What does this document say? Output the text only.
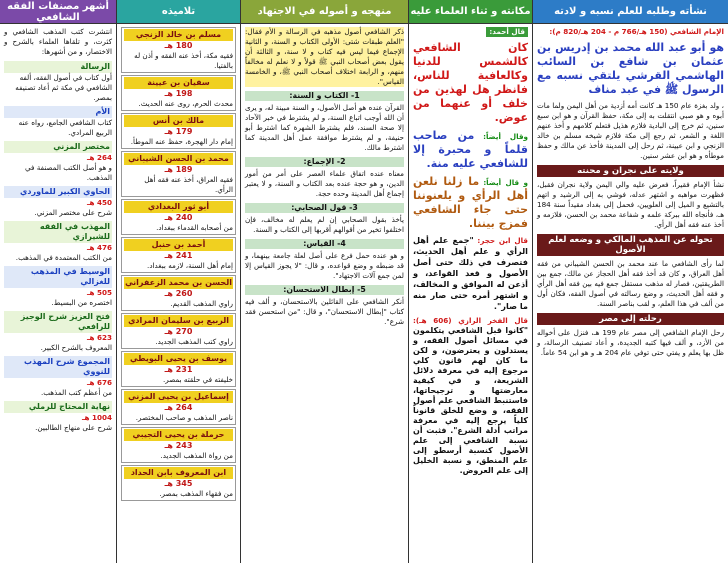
نشأته وطلبه للعلم نسبه و لادته
الإمام الشافعي (150 هـ/766 م - 204 هـ/820 م):
هو أبو عبد الله محمد بن إدريس بن عثمان بن شافع بن السائب الهاشمي القرشي يلتقي نسبه مع الرسول ﷺ في عبد مناف
، ولد بغزة عام 150 هـ كانت أمه أزدية من أهل اليمن ولما مات أبوه و هو صبي انتقلت به إلى مكة، حفظ القرآن و هو ابن سبع سنين، ثم خرج إلى البادية فلازم هذيل فتعلم كلامهم و أخذ عنهم اللغة و الشعر، ثم رجع إلى مكة فلازم شيخه مسلم بن خالد الزنجي و ابن عيينة، ثم رحل إلى المدينة فأخذ عن مالك و حفظ موطأه و هو ابن عشر سنين.
ولايته على نجران و محنته
نشأ الإمام فقيراً، فعرض عليه والي اليمن ولاية نجران فقبل، فظهرت مواهبه و اشتهر عدله، فوشي به إلى الرشيد و اتهم بالتشيع و الميل إلى العلويين، فحمل إلى بغداد مقيداً سنة 184 هـ، فأنجاه الله ببركة علمه و شفاعة محمد بن الحسن، فلازمه و أخذ عنه فقه أهل الرأي.
تحوله عن المذهب المالكي و وضعه لعلم الأصول
لما رأى الشافعي ما عند محمد بن الحسن الشيباني من فقه أهل العراق، و كان قد أخذ فقه أهل الحجاز عن مالك، جمع بين الطريقتين، فصار له مذهب مستقل جمع فيه بين فقه أهل الرأي و فقه أهل الحديث، و وضع رسالته في أصول الفقه، فكان أول من ألف في هذا العلم، و لقب بناصر السنة.
رحلته إلى مصر
رحل الإمام الشافعي إلى مصر عام 199 هـ، فنزل على أخواله من الأزد، و ألف فيها كتبه الجديدة، و أعاد تصنيف الرسالة، و ظل بها يعلم و يفتي حتى توفي عام 204 هـ و هو ابن 54 عاماً.
مكانته و ثناء العلماء عليه
قال أحمد:
كان الشافعي كالشمس للدنيا وكالعافية للناس، فانظر هل لهذين من خلف أو عنهما من عوض.
وقال أيضاً: من صاحب قلماً و محبرة إلا للشافعي عليه منة.
و قال أيضاً: ما زلنا نلعن أهل الرأي و يلعنوننا حتى جاء الشافعي فمزج بيننا.
قال ابن حجر: "جمع علم أهل الرأي و علم أهل الحديث، فتصرف في ذلك حتى أصل الأصول و قعد القواعد، و أذعن له الموافق و المخالف، و اشتهر أمره حتى صار منه ما صار".
قال الفخر الرازي (606 هـ): "كانوا قبل الشافعي يتكلمون في مسائل أصول الفقه، و يستدلون و يعترضون، و لكن ما كان لهم قانون كلي مرجوع إليه في معرفة دلائل الشريعة، و في كيفية معارضتها و ترجيحاتها، فاستنبط الشافعي علم أصول الفقه، و وضع للخلق قانوناً كلياً يرجع إليه في معرفة مراتب أدلة الشرع". فثبت أن نسبة الشافعي إلى علم الأصول كنسبة أرسطو إلى علم المنطق، و نسبة الخليل إلى علم العروض.
منهجه و أصوله في الاجتهاد
ذكر الشافعي أصول مذهبه في الرسالة و الأم فقال: "العلم طبقات شتى: الأولى الكتاب و السنة، و الثانية الإجماع فيما ليس فيه كتاب و لا سنة، و الثالثة أن يقول بعض أصحاب النبي ﷺ قولاً و لا نعلم له مخالفاً منهم، و الرابعة اختلاف أصحاب النبي ﷺ، و الخامسة القياس".
1- الكتاب و السنة:
القرآن عنده هو أصل الأصول، و السنة مبينة له، و يرى أن الله أوجب اتباع السنة، و لم يشترط في خبر الآحاد إلا صحة السند، فلم يشترط الشهرة كما اشترط أبو حنيفة، و لم يشترط موافقة عمل أهل المدينة كما اشترط مالك.
2- الإجماع:
معناه عنده اتفاق علماء العصر على أمر من أمور الدين، و هو حجة عنده بعد الكتاب و السنة، و لا يعتبر إجماع أهل المدينة وحده حجة.
3- قول الصحابي:
يأخذ بقول الصحابي إن لم يعلم له مخالف، فإن اختلفوا تخير من أقوالهم أقربها إلى الكتاب و السنة.
4- القياس:
و هو عنده حمل فرع على أصل لعلة جامعة بينهما، و قد ضبطه و وضع قواعده، و قال: "لا يجوز القياس إلا لمن جمع آلات الاجتهاد".
5- إبطال الاستحسان:
أنكر الشافعي على القائلين بالاستحسان، و ألف فيه كتاب "إبطال الاستحسان"، و قال: "من استحسن فقد شرع".
تلاميذه
مسلم بن خالد الزنجي
180 هـ
فقيه مكة، أخذ عنه الفقه و أذن له بالفتيا.
سفيان بن عيينة
198 هـ
محدث الحرم، روى عنه الحديث.
مالك بن أنس
179 هـ
إمام دار الهجرة، حفظ عنه الموطأ.
محمد بن الحسن الشيباني
189 هـ
فقيه العراق، أخذ عنه فقه أهل الرأي.
أبو ثور البغدادي
240 هـ
من أصحابه القدماء ببغداد.
أحمد بن حنبل
241 هـ
إمام أهل السنة، لازمه ببغداد.
الحسن بن محمد الزعفراني
260 هـ
راوي المذهب القديم.
الربيع بن سليمان المرادي
270 هـ
راوي كتب المذهب الجديد.
يوسف بن يحيى البويطي
231 هـ
خليفته في حلقته بمصر.
إسماعيل بن يحيى المزني
264 هـ
ناصر المذهب و صاحب المختصر.
حرملة بن يحيى التجيبي
243 هـ
من رواة المذهب الجديد.
ابن المعروف بابن الحداد
345 هـ
من فقهاء المذهب بمصر.
أشهر مصنفات الفقه الشافعي
انتشرت كتب المذهب الشافعي و كثرت، و تلقاها العلماء بالشرح و الاختصار، و من أشهرها:
الرسالة
أول كتاب في أصول الفقه، ألفه الشافعي في مكة ثم أعاد تصنيفه بمصر.
الأم
كتاب الشافعي الجامع، رواه عنه الربيع المرادي.
مختصر المزني
264 هـ
و هو أصل الكتب المصنفة في المذهب.
الحاوي الكبير للماوردي
450 هـ
شرح على مختصر المزني.
المهذب في الفقه للشيرازي
476 هـ
من الكتب المعتمدة في المذهب.
الوسيط في المذهب للغزالي
505 هـ
اختصره من البسيط.
فتح العزيز شرح الوجيز للرافعي
623 هـ
المعروف بالشرح الكبير.
المجموع شرح المهذب للنووي
676 هـ
من أعظم كتب المذهب.
نهاية المحتاج للرملي
1004 هـ
شرح على منهاج الطالبين.
